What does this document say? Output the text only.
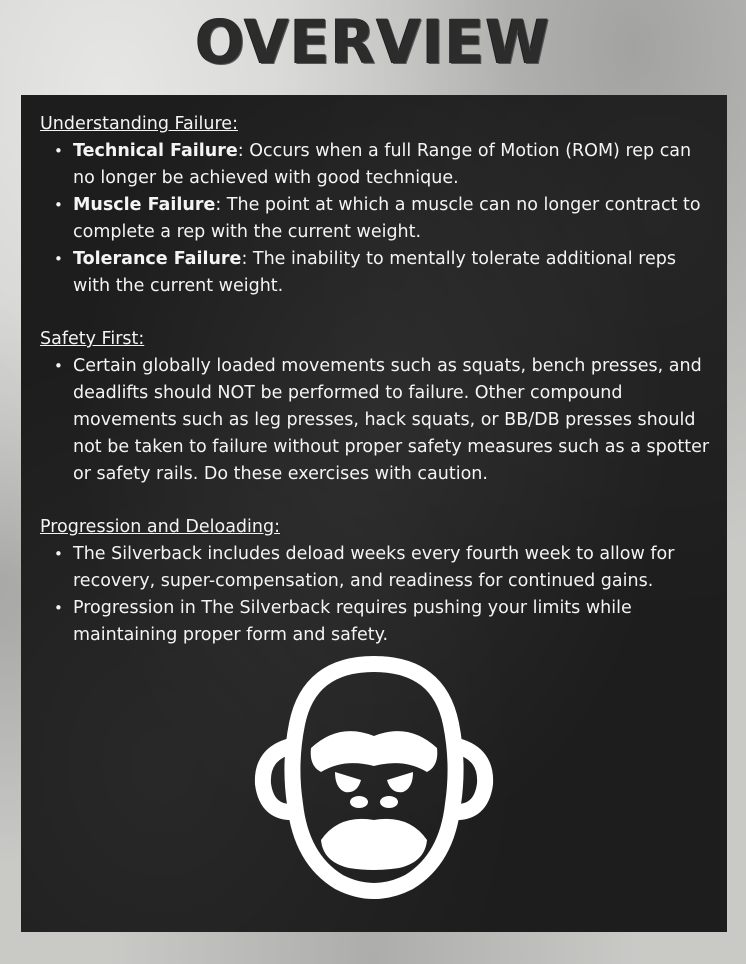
OVERVIEW
Understanding Failure:
• Technical Failure: Occurs when a full Range of Motion (ROM) rep can no longer be achieved with good technique.
• Muscle Failure: The point at which a muscle can no longer contract to complete a rep with the current weight.
• Tolerance Failure: The inability to mentally tolerate additional reps with the current weight.
Safety First:
• Certain globally loaded movements such as squats, bench presses, and deadlifts should NOT be performed to failure. Other compound movements such as leg presses, hack squats, or BB/DB presses should not be taken to failure without proper safety measures such as a spotter or safety rails. Do these exercises with caution.
Progression and Deloading:
• The Silverback includes deload weeks every fourth week to allow for recovery, super-compensation, and readiness for continued gains.
• Progression in The Silverback requires pushing your limits while maintaining proper form and safety.
